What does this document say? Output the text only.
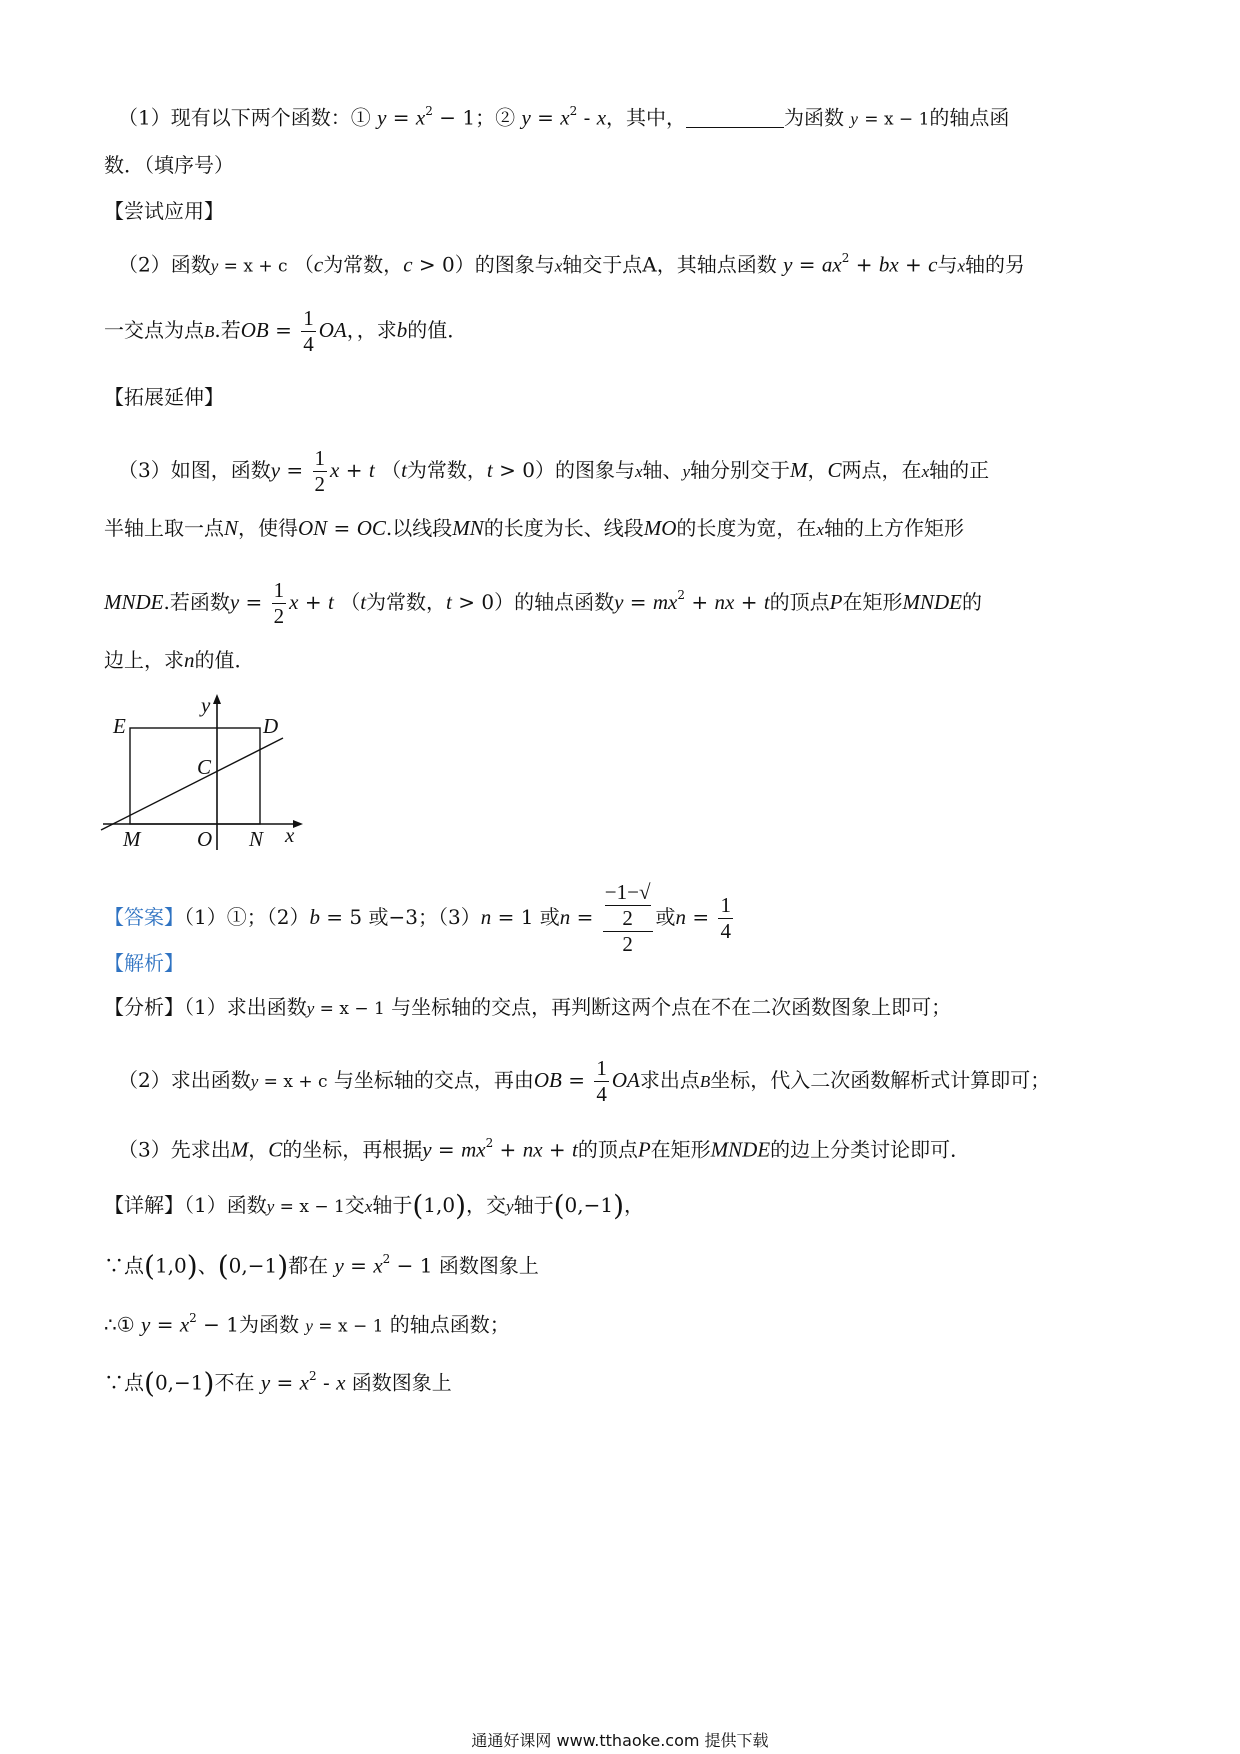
（1）现有以下两个函数：① $y = x^2 - 1$；② $y = x^2 - x$，其中，	为函数 y = x − 1的轴点函
数．（填序号）
【尝试应用】
（2）函数y = x + c （c为常数，c > 0）的图象与x轴交于点A，其轴点函数 $y = ax^2$ + bx + c与x轴的另
一交点为点B.若OB = $\frac{1}{4}$ OA，，求b的值．
【拓展延伸】
（3）如图，函数$y = \frac{1}{2}$ x + t （t为常数，t > 0）的图象与x轴、y轴分别交于M，C两点，在x轴的正
半轴上取一点N，使得ON = OC.以线段MN的长度为长、线段MO的长度为宽，在x轴的上方作矩形
MNDE.若函数$y = \frac{1}{2}$ x + t （t为常数，t > 0）的轴点函数$y = mx^2$ + nx + t的顶点P在矩形MNDE的
边上，求n的值．
E	D
y
C
M	O N x
【答案】（1）①；（2）b = 5 或−3；（3）n = 1 或n = −1−√
2
2 或$n = \frac{1}{4}$
【解析】
【分析】（1）求出函数y = x − 1 与坐标轴的交点，再判断这两个点在不在二次函数图象上即可；
（2）求出函数y = x + c 与坐标轴的交点，再由OB = $\frac{1}{4}$ OA求出点B坐标，代入二次函数解析式计算即可；
（3）先求出M，C的坐标，再根据$y = mx^2$ + nx + t的顶点P在矩形MNDE的边上分类讨论即可．
【详解】（1）函数y = x − 1交x轴于(1,0)，交y轴于(0,−1)，
∵点(1,0)、(0,−1)都在 $y = x^2 - 1$ 函数图象上
∴① $y = x^2 - 1$为函数 y = x − 1 的轴点函数；
∵点(0,−1)不在 $y = x^2 - x$ 函数图象上
通通好课网 www.tthaoke.com 提供下载
